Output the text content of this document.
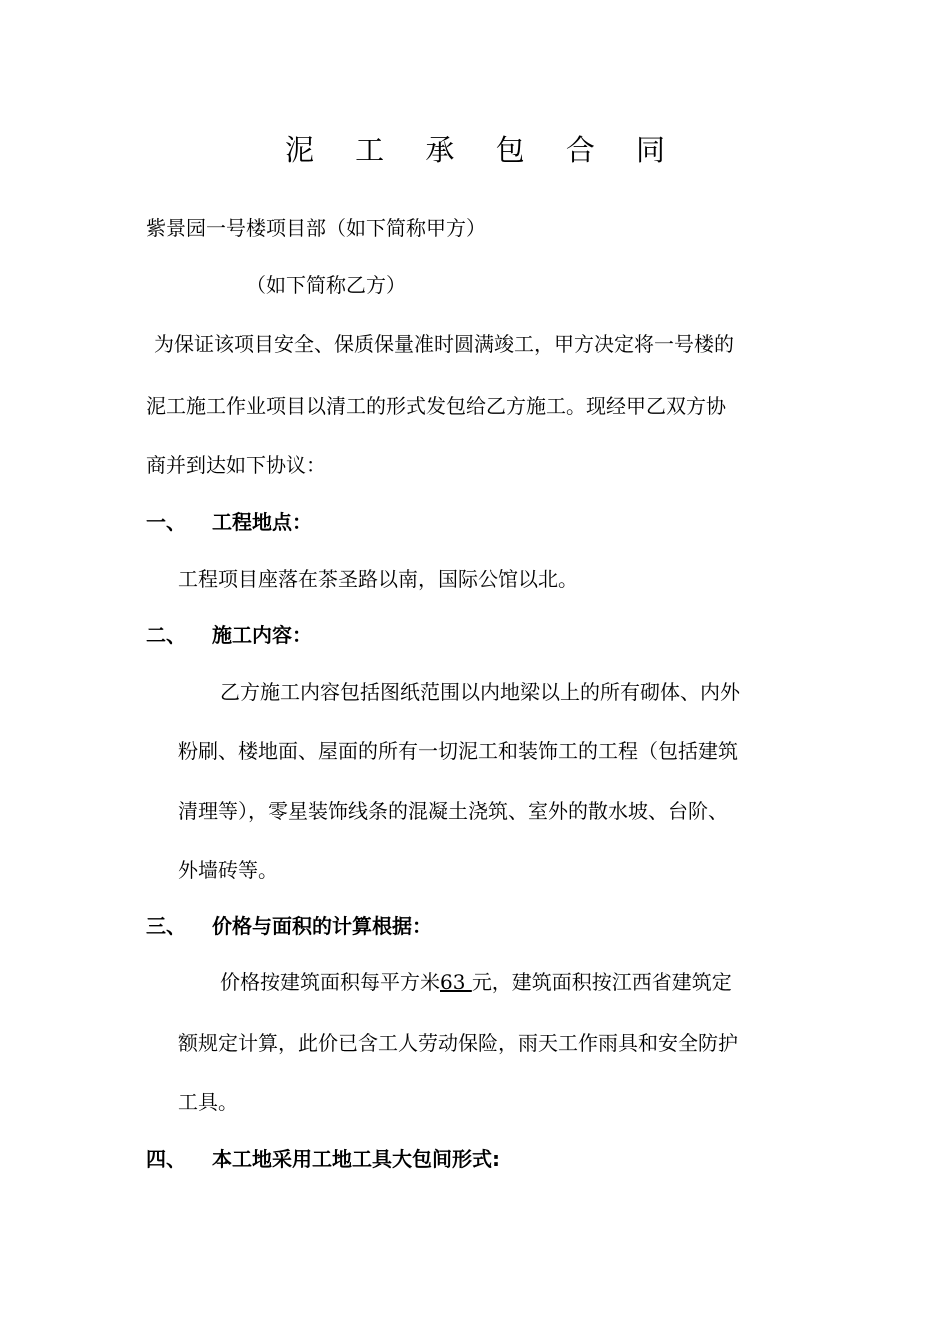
泥 工 承 包 合 同
紫景园一号楼项目部（如下简称甲方）
（如下简称乙方）
为保证该项目安全、保质保量准时圆满竣工，甲方决定将一号楼的
泥工施工作业项目以清工的形式发包给乙方施工。现经甲乙双方协
商并到达如下协议：
一、 工程地点：
工程项目座落在茶圣路以南，国际公馆以北。
二、 施工内容：
乙方施工内容包括图纸范围以内地梁以上的所有砌体、内外
粉刷、楼地面、屋面的所有一切泥工和装饰工的工程（包括建筑
清理等），零星装饰线条的混凝土浇筑、室外的散水坡、台阶、
外墙砖等。
三、 价格与面积的计算根据：
价格按建筑面积每平方米63 元，建筑面积按江西省建筑定
额规定计算，此价已含工人劳动保险，雨天工作雨具和安全防护
工具。
四、 本工地采用工地工具大包间形式:
